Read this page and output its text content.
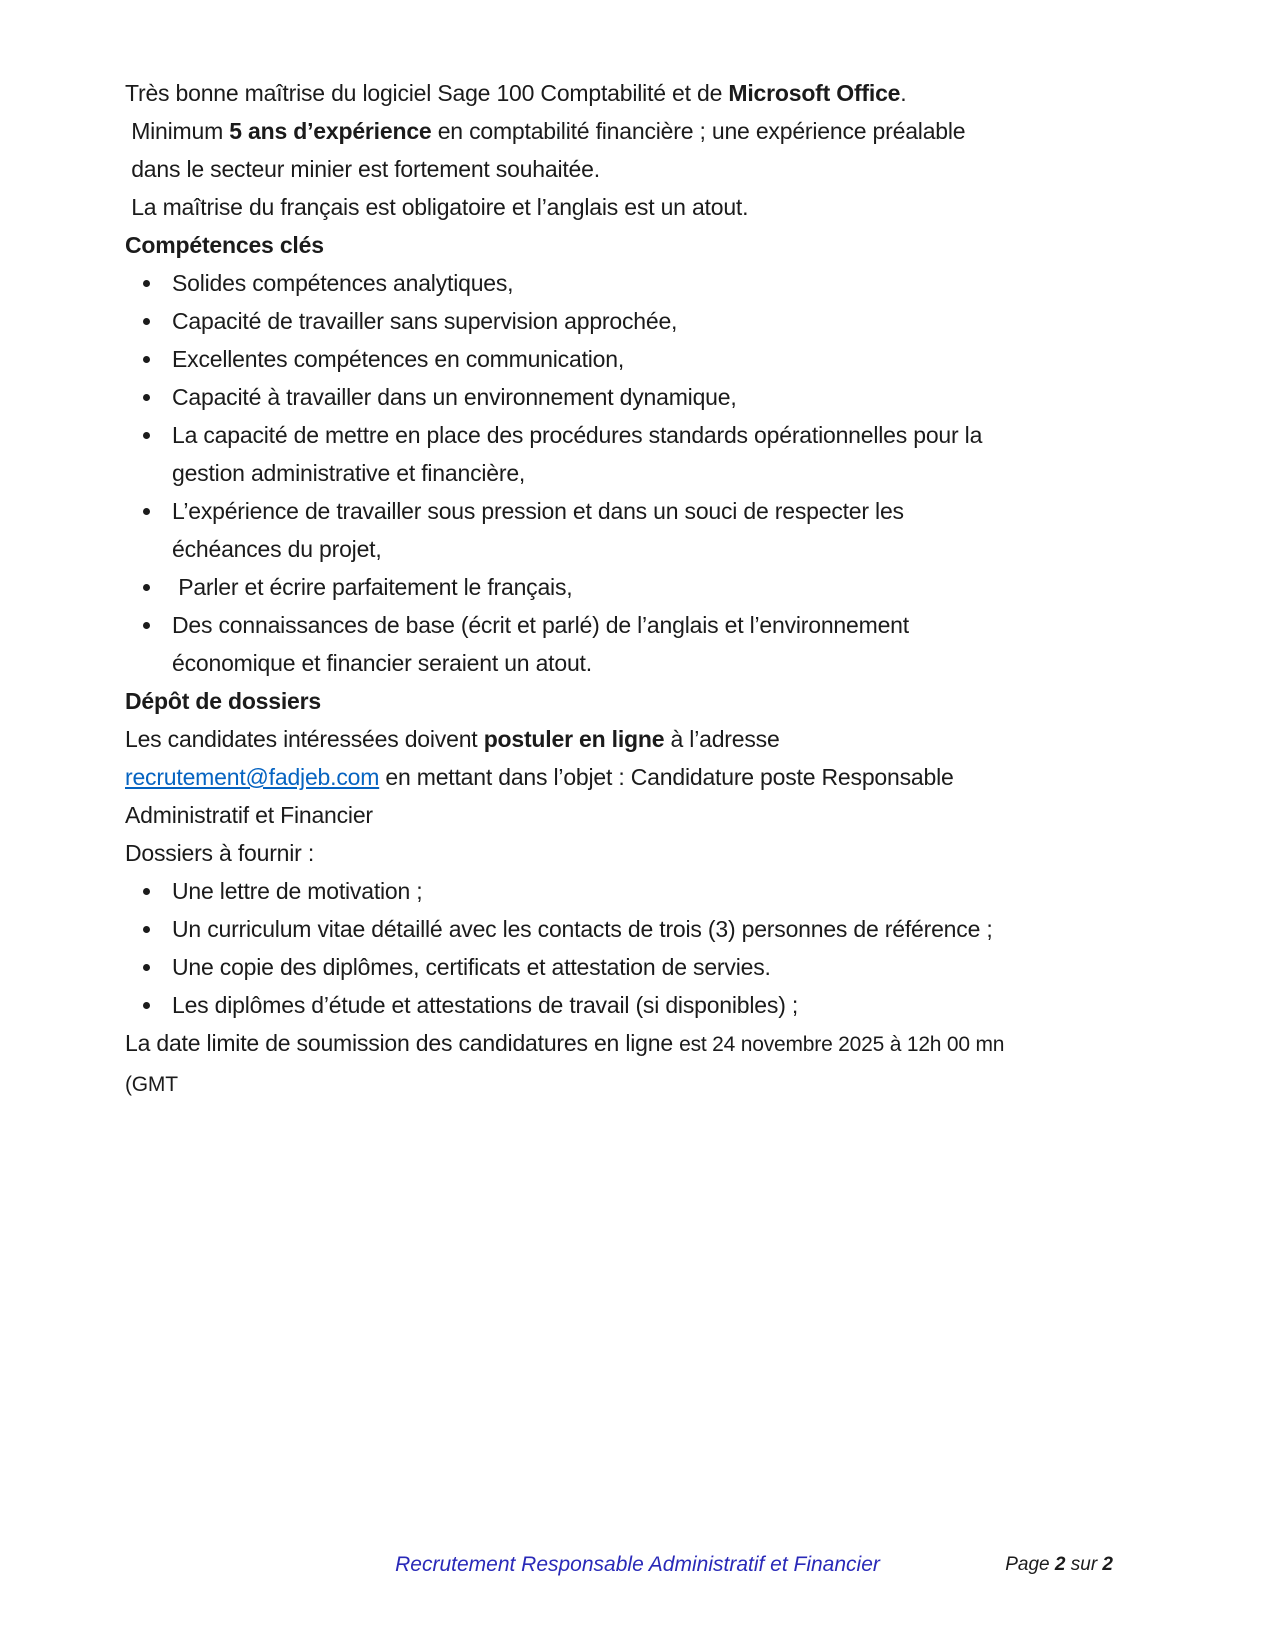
Très bonne maîtrise du logiciel Sage 100 Comptabilité et de Microsoft Office.
Minimum 5 ans d’expérience en comptabilité financière ; une expérience préalable
dans le secteur minier est fortement souhaitée.
La maîtrise du français est obligatoire et l’anglais est un atout.
Compétences clés
Solides compétences analytiques,
Capacité de travailler sans supervision approchée,
Excellentes compétences en communication,
Capacité à travailler dans un environnement dynamique,
La capacité de mettre en place des procédures standards opérationnelles pour la
gestion administrative et financière,
L’expérience de travailler sous pression et dans un souci de respecter les
échéances du projet,
Parler et écrire parfaitement le français,
Des connaissances de base (écrit et parlé) de l’anglais et l’environnement
économique et financier seraient un atout.
Dépôt de dossiers
Les candidates intéressées doivent postuler en ligne à l’adresse
recrutement@fadjeb.com en mettant dans l’objet : Candidature poste Responsable
Administratif et Financier
Dossiers à fournir :
Une lettre de motivation ;
Un curriculum vitae détaillé avec les contacts de trois (3) personnes de référence ;
Une copie des diplômes, certificats et attestation de servies.
Les diplômes d’étude et attestations de travail (si disponibles) ;
La date limite de soumission des candidatures en ligne est 24 novembre 2025 à 12h 00 mn
(GMT
Recrutement Responsable Administratif et Financier	Page 2 sur 2
